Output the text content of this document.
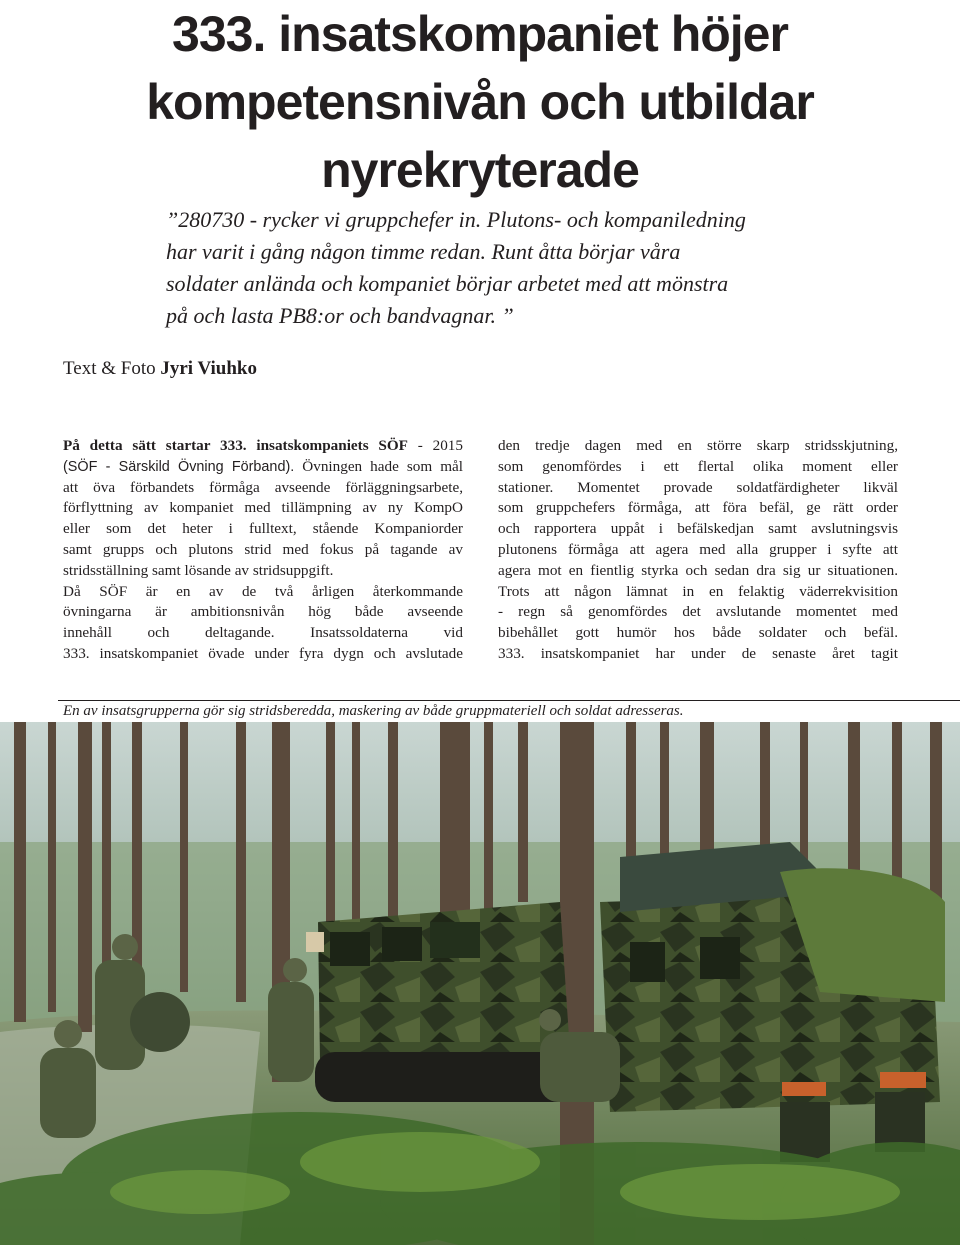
333. insatskompaniet höjer
kompetensnivån och utbildar
nyrekryterade
”280730 - rycker vi gruppchefer in. Plutons- och kompaniledning
har varit i gång någon timme redan. Runt åtta börjar våra
soldater anlända och kompaniet börjar arbetet med att mönstra
på och lasta PB8:or och bandvagnar. ”
Text & Foto Jyri Viuhko
På detta sätt startar 333. insatskompaniets SÖF - 2015
(SÖF - Särskild Övning Förband). Övningen hade som mål
att öva förbandets förmåga avseende förläggningsarbete,
förflyttning av kompaniet med tillämpning av ny KompO
eller som det heter i fulltext, stående Kompaniorder
samt grupps och plutons strid med fokus på tagande av
stridsställning samt lösande av stridsuppgift.
Då SÖF är en av de två årligen återkommande
övningarna är ambitionsnivån hög både avseende
innehåll och deltagande. Insatssoldaterna vid
333. insatskompaniet övade under fyra dygn och avslutade
den tredje dagen med en större skarp stridsskjutning,
som genomfördes i ett flertal olika moment eller
stationer. Momentet provade soldatfärdigheter likväl
som gruppchefers förmåga, att föra befäl, ge rätt order
och rapportera uppåt i befälskedjan samt avslutningsvis
plutonens förmåga att agera med alla grupper i syfte att
agera mot en fientlig styrka och sedan dra sig ur situationen.
Trots att någon lämnat in en felaktig väderrekvisition
- regn så genomfördes det avslutande momentet med
bibehållet gott humör hos både soldater och befäl.
333. insatskompaniet har under de senaste året tagit
En av insatsgrupperna gör sig stridsberedda, maskering av både gruppmateriell och soldat adresseras.
